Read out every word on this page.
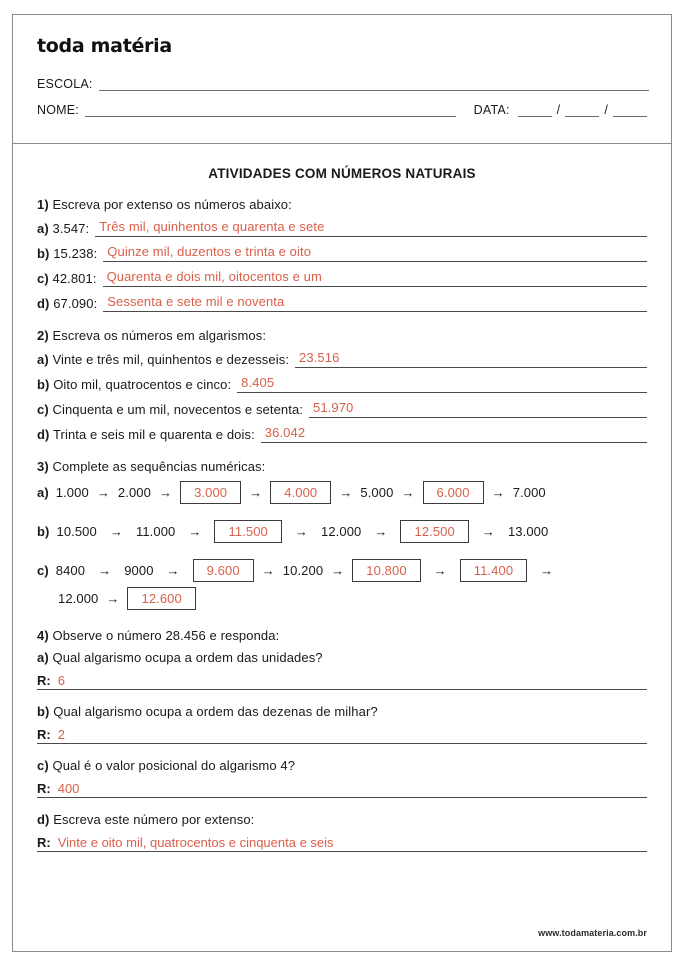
toda matéria
ESCOLA:
NOME:	DATA:	/	/
ATIVIDADES COM NÚMEROS NATURAIS
1) Escreva por extenso os números abaixo:
a) 3.547: Três mil, quinhentos e quarenta e sete
b) 15.238: Quinze mil, duzentos e trinta e oito
c) 42.801: Quarenta e dois mil, oitocentos e um
d) 67.090: Sessenta e sete mil e noventa
2) Escreva os números em algarismos:
a) Vinte e três mil, quinhentos e dezesseis: 23.516
b) Oito mil, quatrocentos e cinco: 8.405
c) Cinquenta e um mil, novecentos e setenta: 51.970
d) Trinta e seis mil e quarenta e dois: 36.042
3) Complete as sequências numéricas:
a) 1.000 → 2.000 →	3.000	→	4.000	→ 5.000 →	6.000	→ 7.000
b) 10.500	→	11.000	→	11.500	→	12.000	→	12.500	→	13.000
c) 8400	→	9000	→	9.600	→ 10.200 →	10.800	→	11.400	→
12.000 →	12.600
4) Observe o número 28.456 e responda:
a) Qual algarismo ocupa a ordem das unidades?
R: 6
b) Qual algarismo ocupa a ordem das dezenas de milhar?
R: 2
c) Qual é o valor posicional do algarismo 4?
R: 400
d) Escreva este número por extenso:
R: Vinte e oito mil, quatrocentos e cinquenta e seis
www.todamateria.com.br
